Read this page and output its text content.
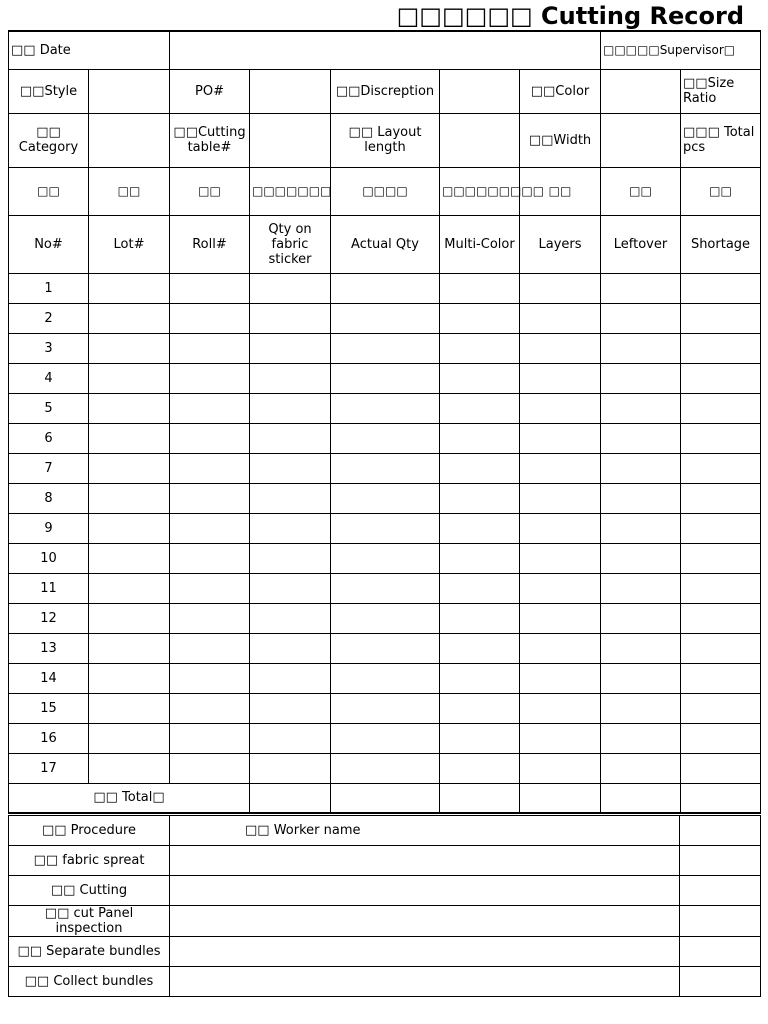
□□□□□□ Cutting Record
□□ Date							□□□□□Supervisor□	
□□Style		PO#		□□Discreption		□□Color		□□Size Ratio
□□ Category		□□Cutting table#		□□ Layout length		□□Width		□□□ Total pcs
□□	□□	□□	□□□□□□□	□□□□	□□□□□□□□□	□□	□□	□□
No#	Lot#	Roll#	Qty on fabric sticker	Actual Qty	Multi-Color	Layers	Leftover	Shortage
1								
2								
3								
4								
5								
6								
7								
8								
9								
10								
11								
12								
13								
14								
15								
16								
17								
□□ Total□								
□□ Procedure	□□ Worker name	
□□ fabric spreat		
□□ Cutting		
□□ cut Panel inspection		
□□ Separate bundles		
□□ Collect bundles		
